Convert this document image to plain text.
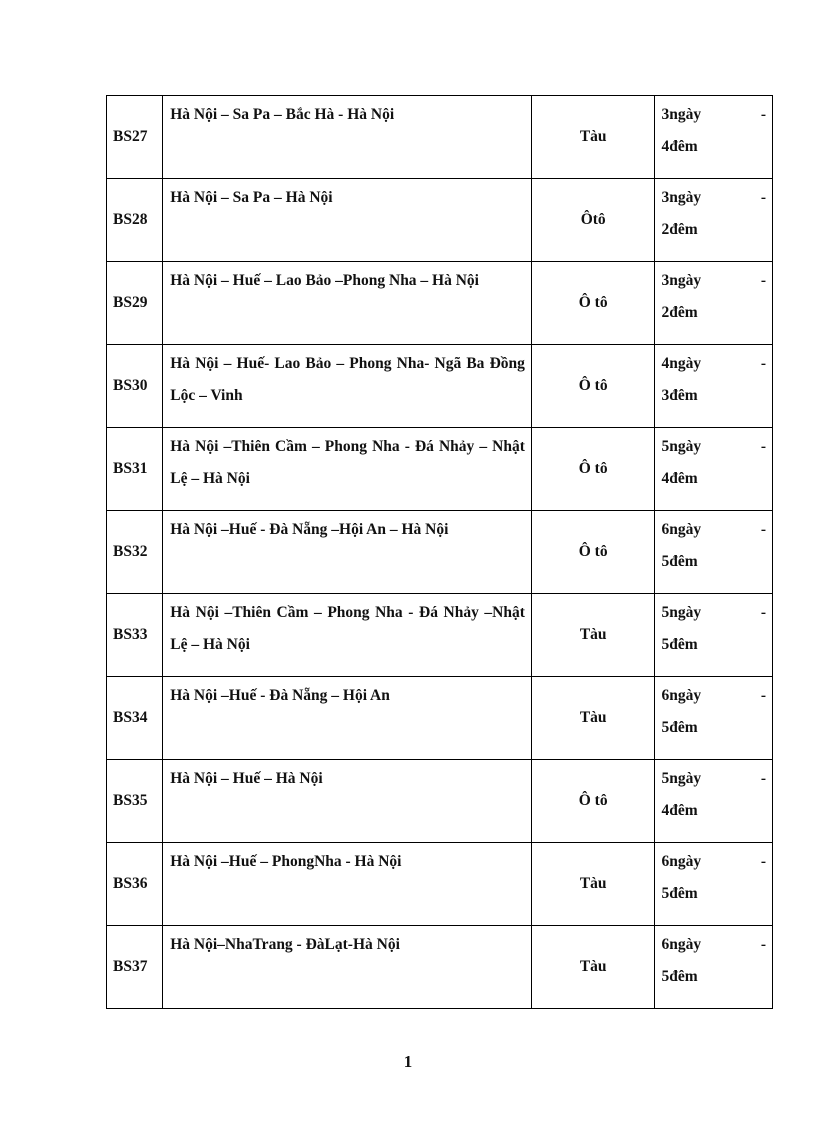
BS27	Hà Nội – Sa Pa – Bắc Hà - Hà Nội	Tàu	3ngày -
4đêm

BS28	Hà Nội – Sa Pa – Hà Nội	Ôtô	3ngày -
2đêm

BS29	Hà Nội – Huế – Lao Bảo –Phong Nha – Hà Nội	Ô tô	3ngày -
2đêm

BS30	Hà Nội – Huế- Lao Bảo – Phong Nha- Ngã Ba Đồng Lộc – Vinh	Ô tô	4ngày -
3đêm

BS31	Hà Nội –Thiên Cầm – Phong Nha - Đá Nhảy – Nhật Lệ – Hà Nội	Ô tô	5ngày -
4đêm

BS32	Hà Nội –Huế - Đà Nẵng –Hội An – Hà Nội	Ô tô	6ngày -
5đêm

BS33	Hà Nội –Thiên Cầm – Phong Nha - Đá Nhảy –Nhật Lệ – Hà Nội	Tàu	5ngày -
5đêm

BS34	Hà Nội –Huế - Đà Nẵng – Hội An	Tàu	6ngày -
5đêm

BS35	Hà Nội – Huế – Hà Nội	Ô tô	5ngày -
4đêm

BS36	Hà Nội –Huế – PhongNha - Hà Nội	Tàu	6ngày -
5đêm

BS37	Hà Nội–NhaTrang - ĐàLạt-Hà Nội	Tàu	6ngày -
5đêm
1
